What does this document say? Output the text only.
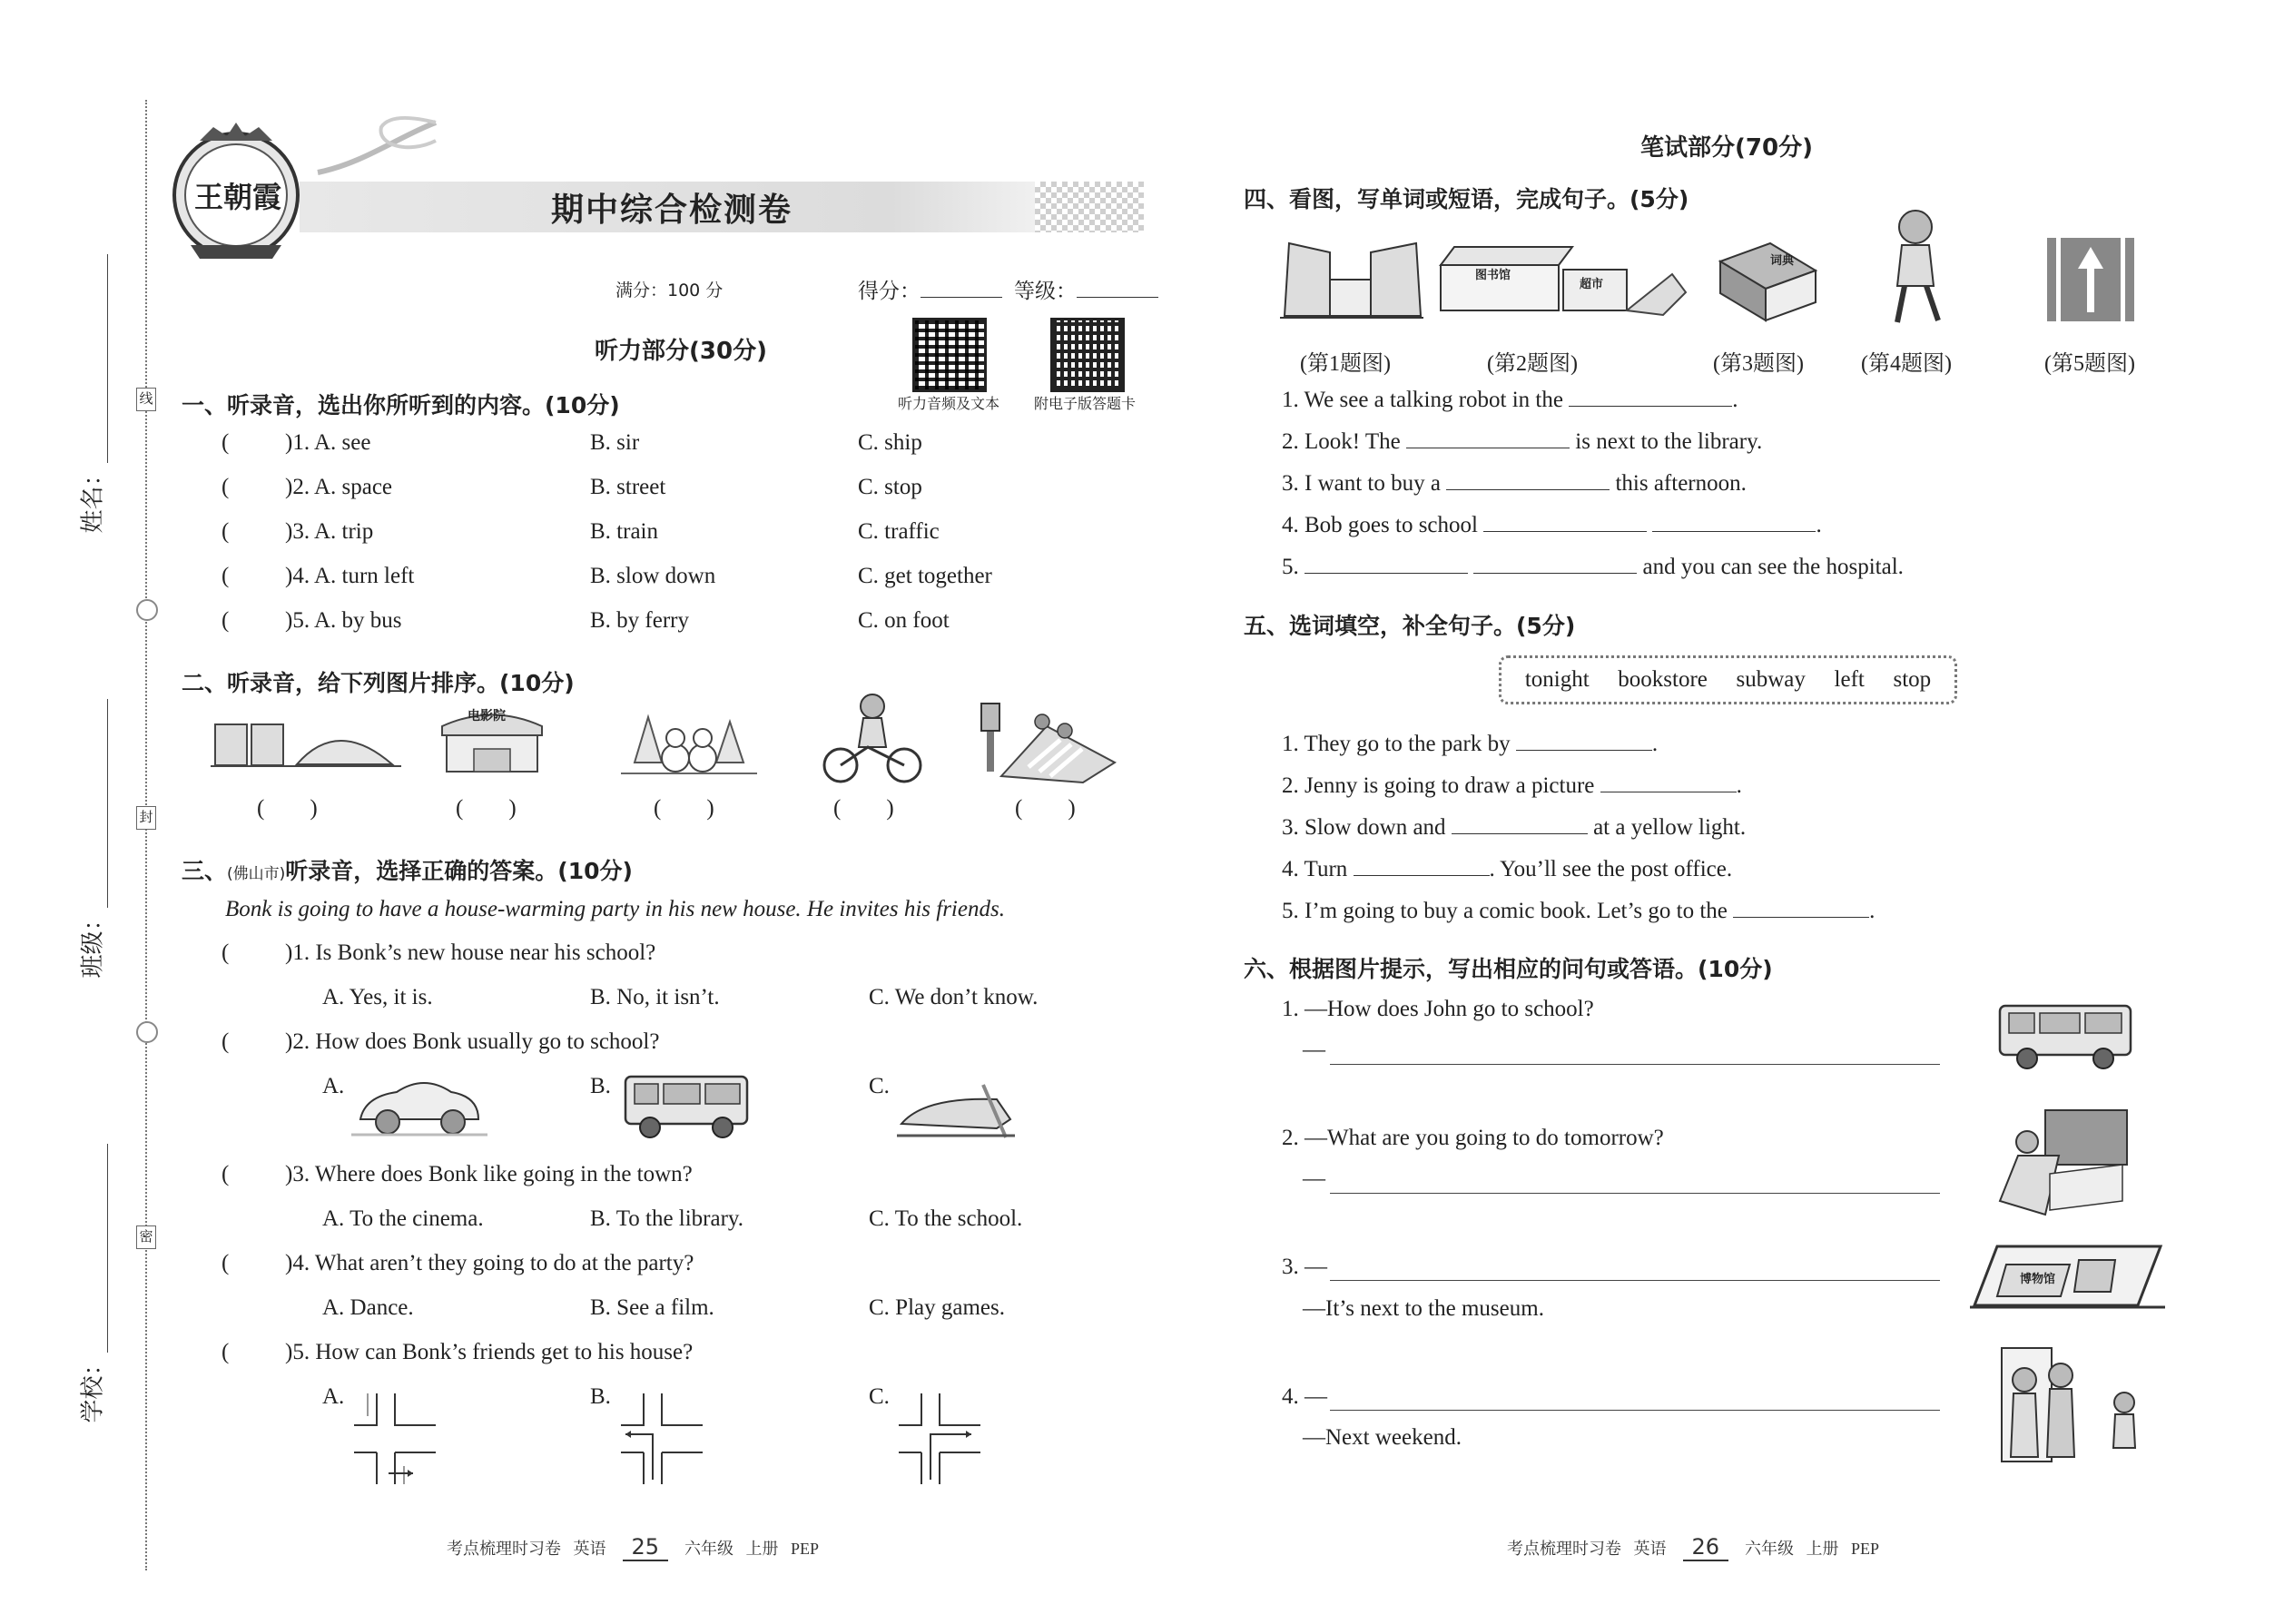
线
封
密
学校：
班级：
姓名：
王朝霞	期中综合检测卷
满分：100 分	得分：	等级：
听力音频及文本	附电子版答题卡
听力部分(30分)
一、听录音，选出你所听到的内容。(10分)
( )1. A. see	B. sir	C. ship
( )2. A. space	B. street	C. stop
( )3. A. trip	B. train	C. traffic
( )4. A. turn left	B. slow down	C. get together
( )5. A. by bus	B. by ferry	C. on foot
二、听录音，给下列图片排序。(10分)
电影院
(　　)	(　　)	(　　)	(　　)	(　　)
三、(佛山市)听录音，选择正确的答案。(10分)
Bonk is going to have a house-warming party in his new house. He invites his friends.
( )1. Is Bonk’s new house near his school?
A. Yes, it is.	B. No, it isn’t.	C. We don’t know.
( )2. How does Bonk usually go to school?
A.	B.	C.
( )3. Where does Bonk like going in the town?
A. To the cinema.	B. To the library.	C. To the school.
( )4. What aren’t they going to do at the party?
A. Dance.	B. See a film.	C. Play games.
( )5. How can Bonk’s friends get to his house?
A.	B.	C.
考点梳理时习卷 英语 25 六年级 上册 PEP
笔试部分(70分)
四、看图，写单词或短语，完成句子。(5分)
图书馆
超市
词典
(第1题图)	(第2题图)	(第3题图)	(第4题图)	(第5题图)
1. We see a talking robot in the	.
2. Look! The	is next to the library.
3. I want to buy a	this afternoon.
4. Bob goes to school	.
5.	and you can see the hospital.
五、选词填空，补全句子。(5分)
tonight bookstore subway left stop
1. They go to the park by	.
2. Jenny is going to draw a picture	.
3. Slow down and	at a yellow light.
4. Turn	. You’ll see the post office.
5. I’m going to buy a comic book. Let’s go to the	.
六、根据图片提示，写出相应的问句或答语。(10分)
1. —How does John go to school?
—
2. —What are you going to do tomorrow?
—
3. —
—It’s next to the museum.
博物馆
4. —
—Next weekend.
考点梳理时习卷 英语 26 六年级 上册 PEP
